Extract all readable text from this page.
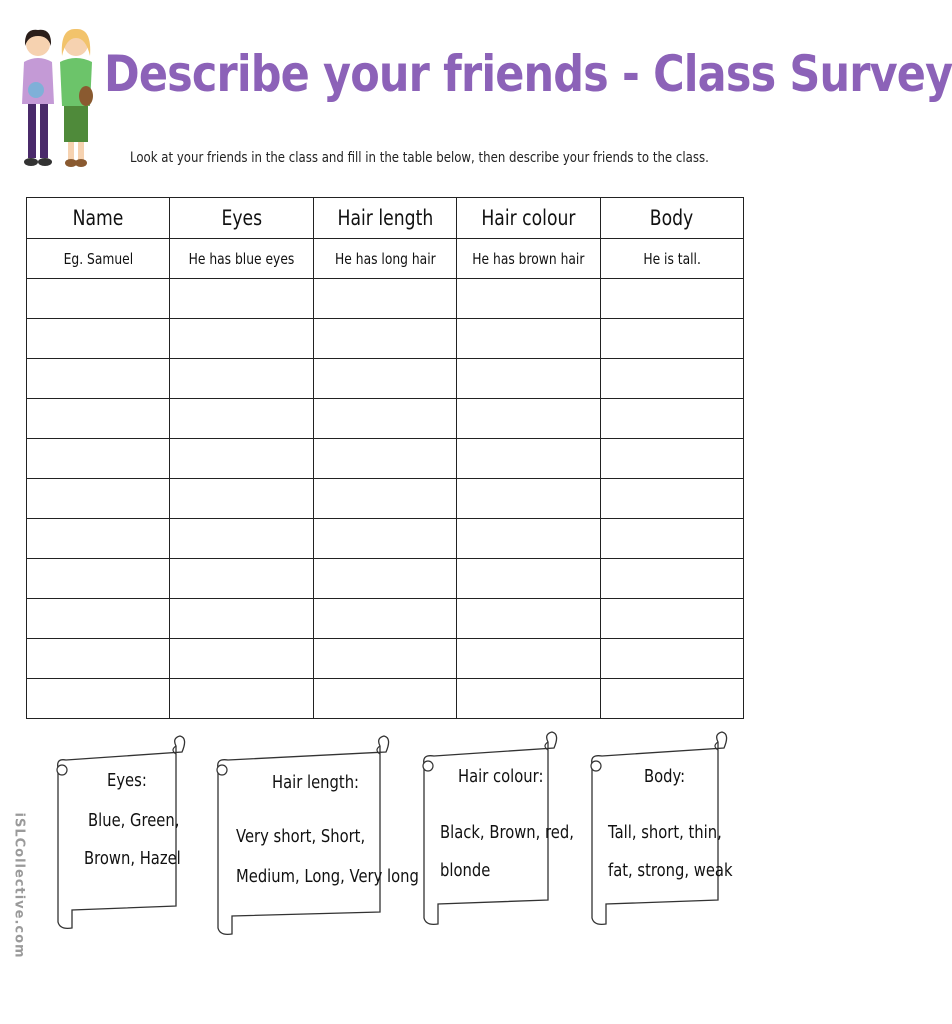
Describe your friends - Class Survey
Look at your friends in the class and fill in the table below, then describe your friends to the class.
Name	Eyes	Hair length	Hair colour	Body
Eg. Samuel	He has blue eyes	He has long hair	He has brown hair	He is tall.

Eyes:
Blue, Green,
Brown, Hazel
Hair length:
Very short, Short,
Medium, Long, Very long
Hair colour:
Black, Brown, red,
blonde
Body:
Tall, short, thin,
fat, strong, weak
iSLCollective.com
